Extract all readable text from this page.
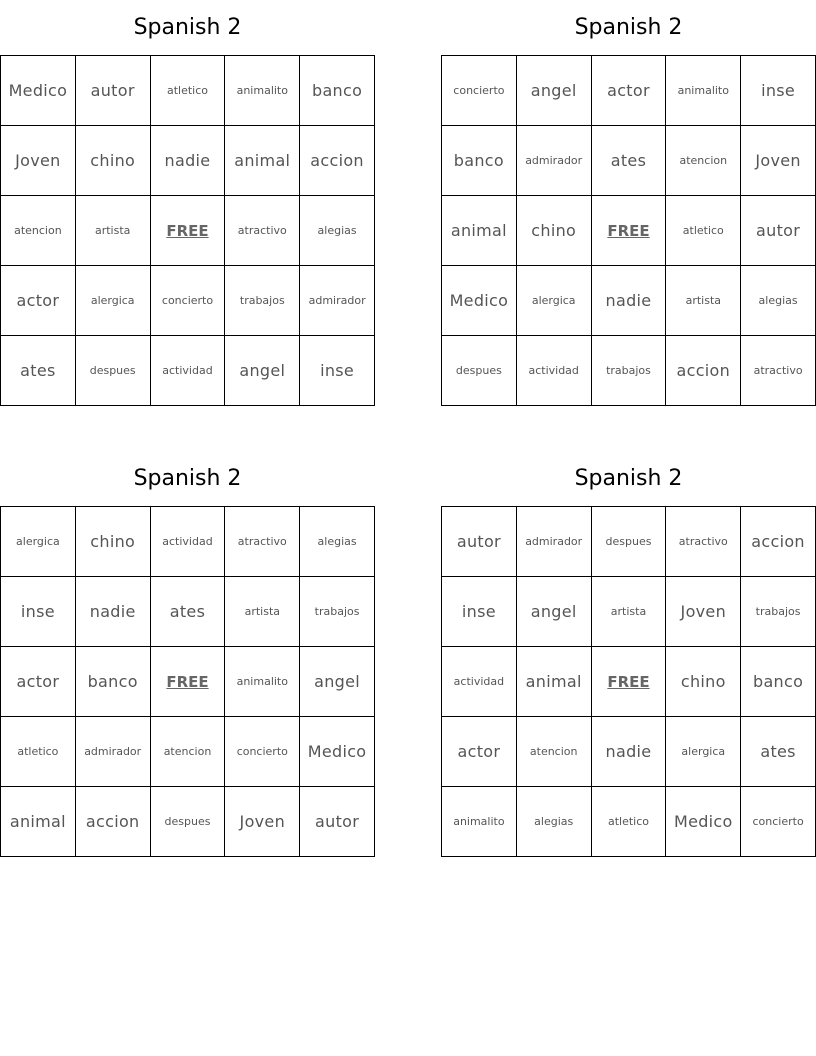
Spanish 2
Medico	autor	atletico	animalito	banco
Joven	chino	nadie	animal	accion
atencion	artista	FREE	atractivo	alegias
actor	alergica	concierto	trabajos	admirador
ates	despues	actividad	angel	inse
Spanish 2
concierto	angel	actor	animalito	inse
banco	admirador	ates	atencion	Joven
animal	chino	FREE	atletico	autor
Medico	alergica	nadie	artista	alegias
despues	actividad	trabajos	accion	atractivo
Spanish 2
alergica	chino	actividad	atractivo	alegias
inse	nadie	ates	artista	trabajos
actor	banco	FREE	animalito	angel
atletico	admirador	atencion	concierto	Medico
animal	accion	despues	Joven	autor
Spanish 2
autor	admirador	despues	atractivo	accion
inse	angel	artista	Joven	trabajos
actividad	animal	FREE	chino	banco
actor	atencion	nadie	alergica	ates
animalito	alegias	atletico	Medico	concierto
